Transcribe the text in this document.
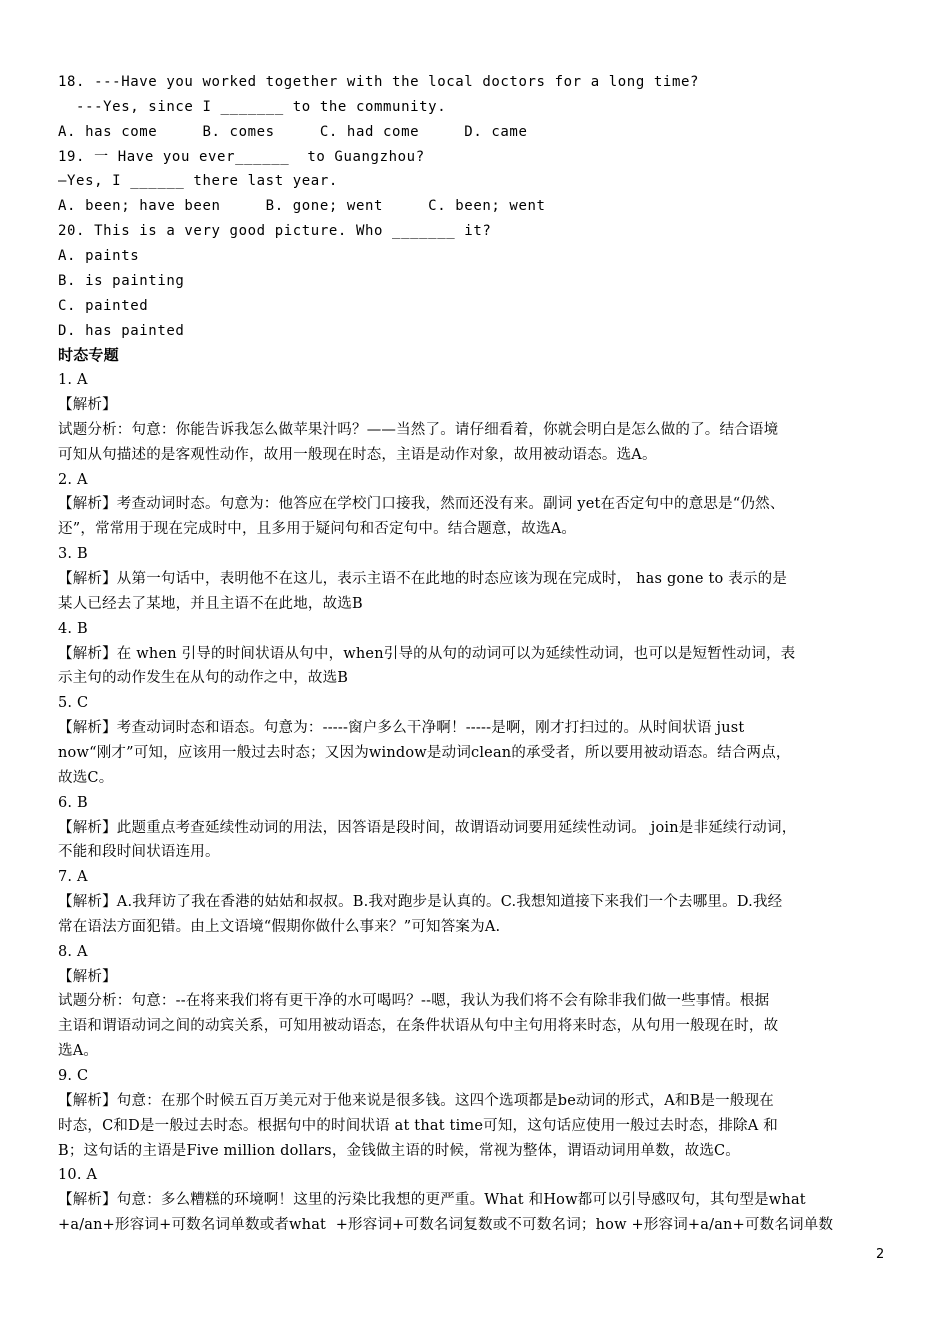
18. ---Have you worked together with the local doctors for a long time?
---Yes, since I _______ to the community.
A. has come     B. comes     C. had come     D. came
19. 一 Have you ever______  to Guangzhou?
—Yes, I ______ there last year.
A. been; have been     B. gone; went     C. been; went
20. This is a very good picture. Who _______ it?
A. paints
B. is painting
C. painted
D. has painted
时态专题
1. A
【解析】
试题分析：句意：你能告诉我怎么做苹果汁吗？——当然了。请仔细看着，你就会明白是怎么做的了。结合语境
可知从句描述的是客观性动作，故用一般现在时态，主语是动作对象，故用被动语态。选A。
2. A
【解析】考查动词时态。句意为：他答应在学校门口接我，然而还没有来。副词 yet在否定句中的意思是“仍然、
还”，常常用于现在完成时中，且多用于疑问句和否定句中。结合题意，故选A。
3. B
【解析】从第一句话中，表明他不在这儿，表示主语不在此地的时态应该为现在完成时， has gone to 表示的是
某人已经去了某地，并且主语不在此地，故选B
4. B
【解析】在 when 引导的时间状语从句中，when引导的从句的动词可以为延续性动词，也可以是短暂性动词，表
示主句的动作发生在从句的动作之中，故选B
5. C
【解析】考查动词时态和语态。句意为：-----窗户多么干净啊！-----是啊，刚才打扫过的。从时间状语 just
now“刚才”可知，应该用一般过去时态；又因为window是动词clean的承受者，所以要用被动语态。结合两点，
故选C。
6. B
【解析】此题重点考查延续性动词的用法，因答语是段时间，故谓语动词要用延续性动词。 join是非延续行动词，
不能和段时间状语连用。
7. A
【解析】A.我拜访了我在香港的姑姑和叔叔。B.我对跑步是认真的。C.我想知道接下来我们一个去哪里。D.我经
常在语法方面犯错。由上文语境“假期你做什么事来？”可知答案为A.
8. A
【解析】
试题分析：句意：--在将来我们将有更干净的水可喝吗？--嗯，我认为我们将不会有除非我们做一些事情。根据
主语和谓语动词之间的动宾关系，可知用被动语态，在条件状语从句中主句用将来时态，从句用一般现在时，故
选A。
9. C
【解析】句意：在那个时候五百万美元对于他来说是很多钱。这四个选项都是be动词的形式，A和B是一般现在
时态，C和D是一般过去时态。根据句中的时间状语 at that time可知，这句话应使用一般过去时态，排除A 和
B；这句话的主语是Five million dollars，金钱做主语的时候，常视为整体，谓语动词用单数，故选C。
10. A
【解析】句意：多么糟糕的环境啊！这里的污染比我想的更严重。What 和How都可以引导感叹句，其句型是what
+a/an+形容词+可数名词单数或者what  +形容词+可数名词复数或不可数名词；how +形容词+a/an+可数名词单数
2
